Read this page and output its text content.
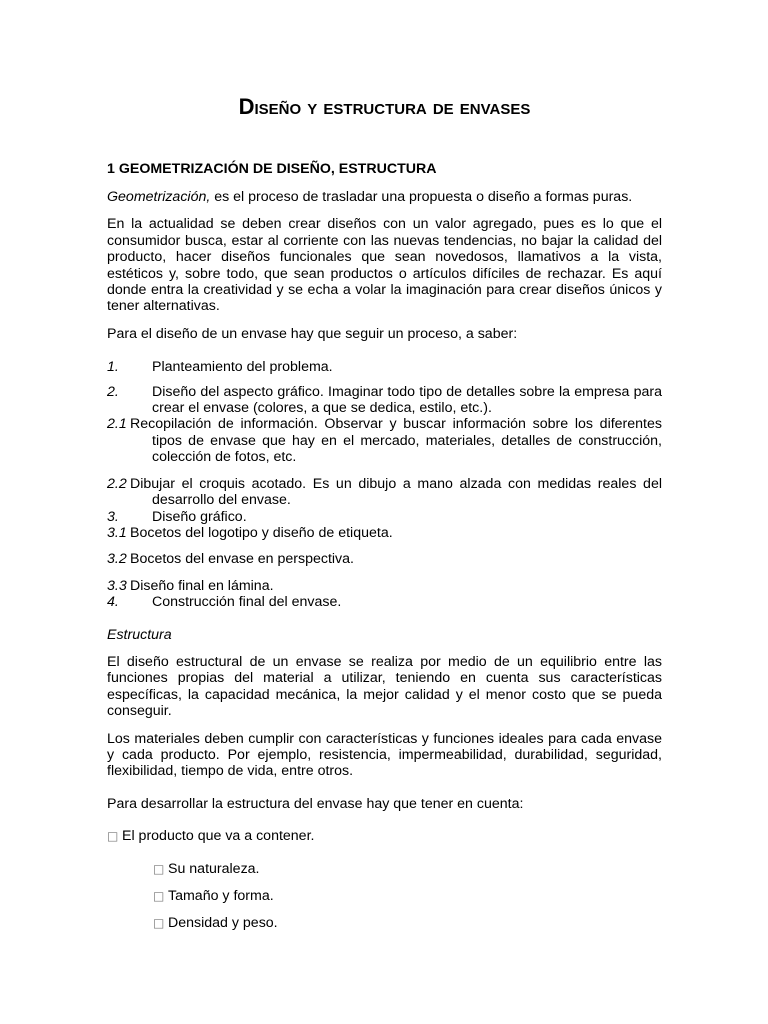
Diseño y estructura de envases
1 GEOMETRIZACIÓN DE DISEÑO, ESTRUCTURA

Geometrización, es el proceso de trasladar una propuesta o diseño a formas puras.

En la actualidad se deben crear diseños con un valor agregado, pues es lo que el consumidor busca, estar al corriente con las nuevas tendencias, no bajar la calidad del producto, hacer diseños funcionales que sean novedosos, llamativos a la vista, estéticos y, sobre todo, que sean productos o artículos difíciles de rechazar. Es aquí donde entra la creatividad y se echa a volar la imaginación para crear diseños únicos y tener alternativas.

Para el diseño de un envase hay que seguir un proceso, a saber:

1.	Planteamiento del problema.
2.	Diseño del aspecto gráfico. Imaginar todo tipo de detalles sobre la empresa para crear el envase (colores, a que se dedica, estilo, etc.).
2.1 Recopilación de información. Observar y buscar información sobre los diferentes tipos de envase que hay en el mercado, materiales, detalles de construcción, colección de fotos, etc.
2.2 Dibujar el croquis acotado. Es un dibujo a mano alzada con medidas reales del desarrollo del envase.
3.	Diseño gráfico.
3.1 Bocetos del logotipo y diseño de etiqueta.
3.2 Bocetos del envase en perspectiva.
3.3 Diseño final en lámina.
4.	Construcción final del envase.
Estructura

El diseño estructural de un envase se realiza por medio de un equilibrio entre las funciones propias del material a utilizar, teniendo en cuenta sus características específicas, la capacidad mecánica, la mejor calidad y el menor costo que se pueda conseguir.

Los materiales deben cumplir con características y funciones ideales para cada envase y cada producto. Por ejemplo, resistencia, impermeabilidad, durabilidad, seguridad, flexibilidad, tiempo de vida, entre otros.

Para desarrollar la estructura del envase hay que tener en cuenta:

□ El producto que va a contener.
□ Su naturaleza.
□ Tamaño y forma.
□ Densidad y peso.
